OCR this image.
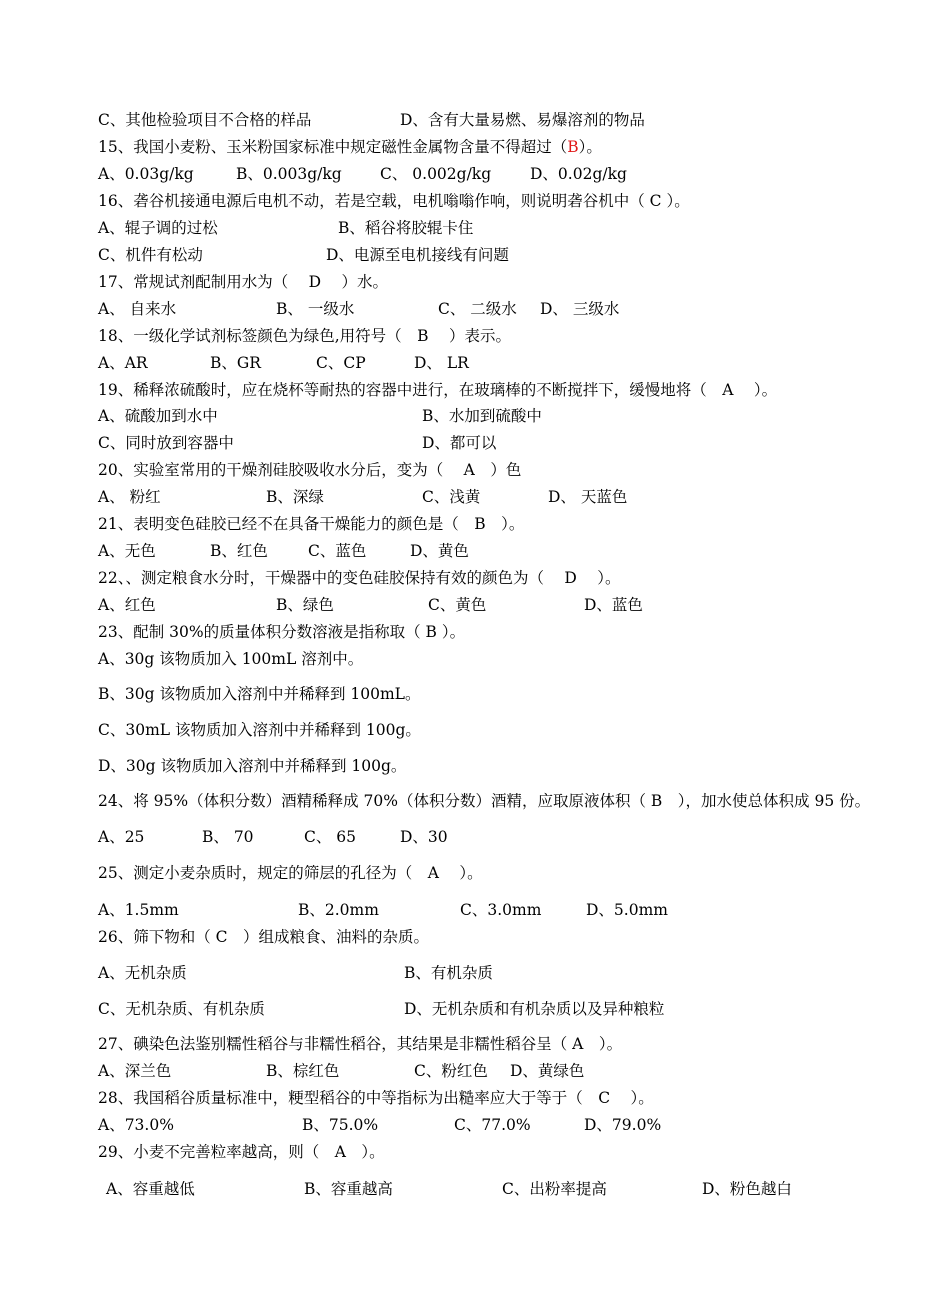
C、其他检验项目不合格的样品

	D、含有大量易燃、易爆溶剂的物品

15、我国小麦粉、玉米粉国家标准中规定磁性金属物含量不得超过（B）。

A、0.03g/kg

	B、0.003g/kg

C、 0.002g/kg

	D、0.02g/kg

16、砻谷机接通电源后电机不动，若是空载，电机嗡嗡作响，则说明砻谷机中（ C ）。

A、辊子调的过松

	B、稻谷将胶辊卡住

C、机件有松动

	D、电源至电机接线有问题

17、常规试剂配制用水为（　 D　 ）水。

A、 自来水

	B、 一级水

	C、 二级水

D、 三级水

18、一级化学试剂标签颜色为绿色,用符号（　B　 ）表示。

A、AR

	B、GR

	C、CP

	D、 LR

19、稀释浓硫酸时，应在烧杯等耐热的容器中进行，在玻璃棒的不断搅拌下，缓慢地将（　A　 ）。

A、硫酸加到水中

	B、水加到硫酸中

C、同时放到容器中

	D、都可以

20、实验室常用的干燥剂硅胶吸收水分后，变为（　 A　）色

A、 粉红

	B、深绿

	C、浅黄

	D、 天蓝色

21、表明变色硅胶已经不在具备干燥能力的颜色是（　B　）。

A、无色

	B、红色

	C、蓝色

	D、黄色

22、、测定粮食水分时，干燥器中的变色硅胶保持有效的颜色为（　 D　 ）。

A、红色

	B、绿色

	C、黄色

	D、蓝色

23、配制 30%的质量体积分数溶液是指称取（ B ）。
A、30g 该物质加入 100mL 溶剂中。
B、30g 该物质加入溶剂中并稀释到 100mL。
C、30mL 该物质加入溶剂中并稀释到 100g。
D、30g 该物质加入溶剂中并稀释到 100g。
24、将 95%（体积分数）酒精稀释成 70%（体积分数）酒精，应取原液体积（ B　），加水使总体积成 95 份。

A、25

	B、 70

	C、 65

	D、30

25、测定小麦杂质时，规定的筛层的孔径为（　A　 ）。

A、1.5mm

	B、2.0mm

	C、3.0mm

	D、5.0mm

26、筛下物和（ C　）组成粮食、油料的杂质。

A、无机杂质

	B、有机杂质

C、无机杂质、有机杂质

	D、无机杂质和有机杂质以及异种粮粒

27、碘染色法鉴别糯性稻谷与非糯性稻谷，其结果是非糯性稻谷呈（ A　）。

A、深兰色

	B、棕红色

	C、粉红色

D、黄绿色

28、我国稻谷质量标准中，粳型稻谷的中等指标为出糙率应大于等于（　C　 ）。

A、73.0%

	B、75.0%

	C、77.0%

	D、79.0%

29、小麦不完善粒率越高，则（　A　）。

A、容重越低

	B、容重越高

	C、出粉率提高

	D、粉色越白
